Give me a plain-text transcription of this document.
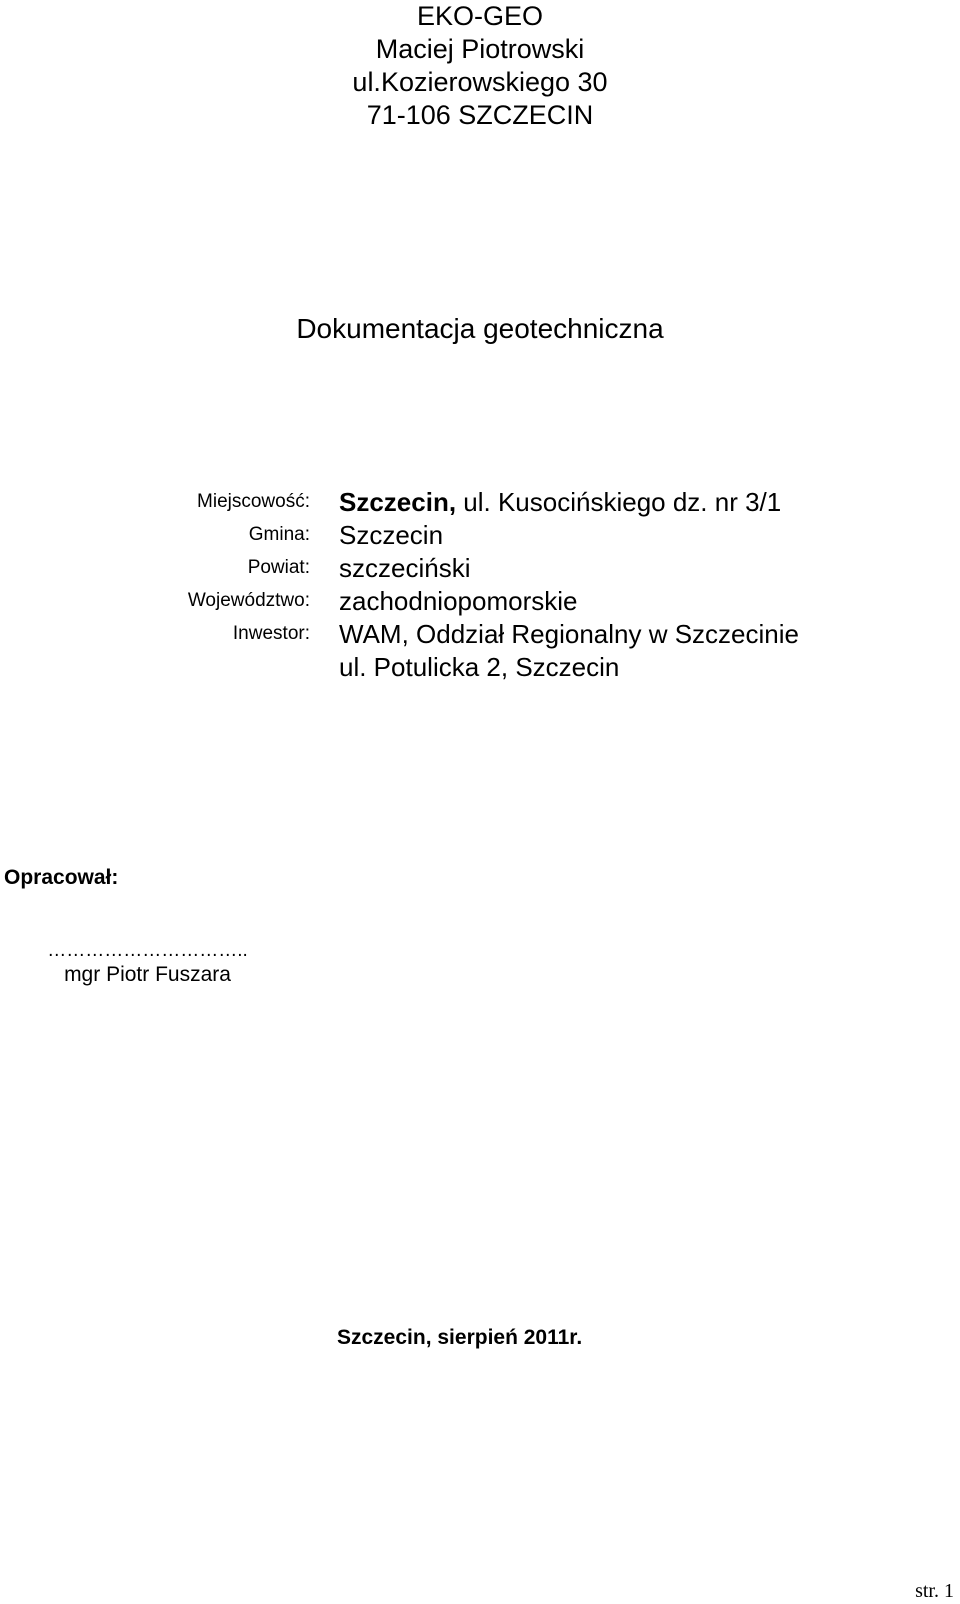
EKO-GEO
Maciej Piotrowski
ul.Kozierowskiego 30
71-106 SZCZECIN
Dokumentacja geotechniczna
Miejscowość: Szczecin, ul. Kusocińskiego dz. nr 3/1
Gmina: Szczecin
Powiat: szczeciński
Województwo: zachodniopomorskie
Inwestor: WAM, Oddział Regionalny w Szczecinie
ul. Potulicka 2, Szczecin
Opracował:
…………………………..
mgr Piotr Fuszara
Szczecin, sierpień 2011r.
str. 1
